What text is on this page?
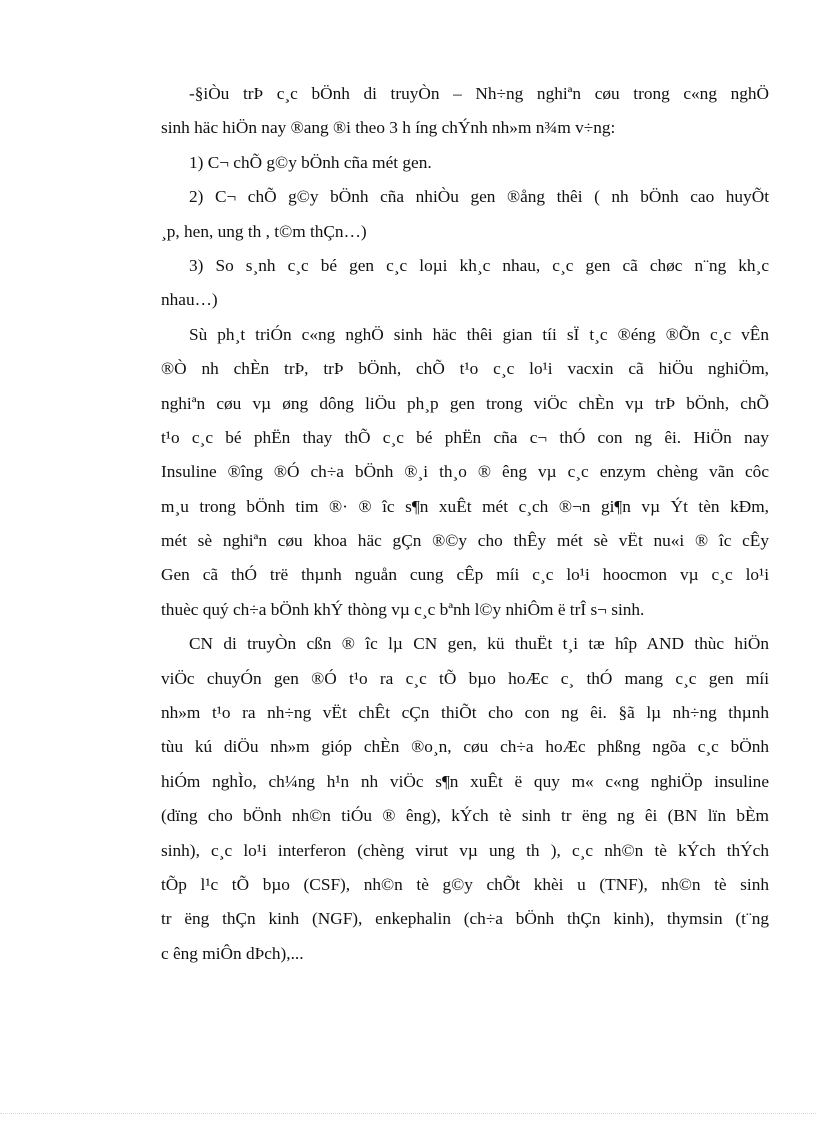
-§iÒu trÞ c¸c bÖnh di truyÒn – Nh÷ng nghiªn cøu trong c«ng nghÖ
sinh häc hiÖn nay ®ang ®i theo 3 h íng chÝnh nh»m n¾m v÷ng:
1) C¬ chÕ g©y bÖnh cña mét gen.
2) C¬ chÕ g©y bÖnh cña nhiÒu gen ®ång thêi ( nh bÖnh cao huyÕt
¸p, hen, ung th , t©m thÇn…)
3) So s¸nh c¸c bé gen c¸c loµi kh¸c nhau, c¸c gen cã chøc n¨ng kh¸c
nhau…)
Sù ph¸t triÓn c«ng nghÖ sinh häc thêi gian tíi sÏ t¸c ®éng ®Õn c¸c vÊn
®Ò nh chÈn trÞ, trÞ bÖnh, chÕ t¹o c¸c lo¹i vacxin cã hiÖu nghiÖm,
nghiªn cøu vµ øng dông liÖu ph¸p gen trong viÖc chÈn vµ trÞ bÖnh, chÕ
t¹o c¸c bé phËn thay thÕ c¸c bé phËn cña c¬ thÓ con ng êi. HiÖn nay
Insuline ®îng ®Ó ch÷a bÖnh ®¸i th¸o ® êng vµ c¸c enzym chèng vãn côc
m¸u trong bÖnh tim ®· ® îc s¶n xuÊt mét c¸ch ®¬n gi¶n vµ Ýt tèn kÐm,
mét sè nghiªn cøu khoa häc gÇn ®©y cho thÊy mét sè vËt nu«i ® îc cÊy
Gen cã thÓ trë thµnh nguån cung cÊp míi c¸c lo¹i hoocmon vµ c¸c lo¹i
thuèc quý ch÷a bÖnh khÝ thòng vµ c¸c bªnh l©y nhiÔm ë trÎ s¬ sinh.
CN di truyÒn cßn ® îc lµ CN gen, kü thuËt t¸i tæ hîp AND thùc hiÖn
viÖc chuyÓn gen ®Ó t¹o ra c¸c tÕ bµo hoÆc c¸ thÓ mang c¸c gen míi
nh»m t¹o ra nh÷ng vËt chÊt cÇn thiÕt cho con ng êi. §ã lµ nh÷ng thµnh
tùu kú diÖu nh»m gióp chÈn ®o¸n, cøu ch÷a hoÆc phßng ngõa c¸c bÖnh
hiÓm nghÌo, ch¼ng h¹n nh viÖc s¶n xuÊt ë quy m« c«ng nghiÖp insuline
(dïng cho bÖnh nh©n tiÓu ® êng), kÝch tè sinh tr ëng ng êi (BN lïn bÈm
sinh), c¸c lo¹i interferon (chèng virut vµ ung th ), c¸c nh©n tè kÝch thÝch
tÕp l¹c tÕ bµo (CSF), nh©n tè g©y chÕt khèi u (TNF), nh©n tè sinh
tr ëng thÇn kinh (NGF), enkephalin (ch÷a bÖnh thÇn kinh), thymsin (t¨ng
c êng miÔn dÞch),...
